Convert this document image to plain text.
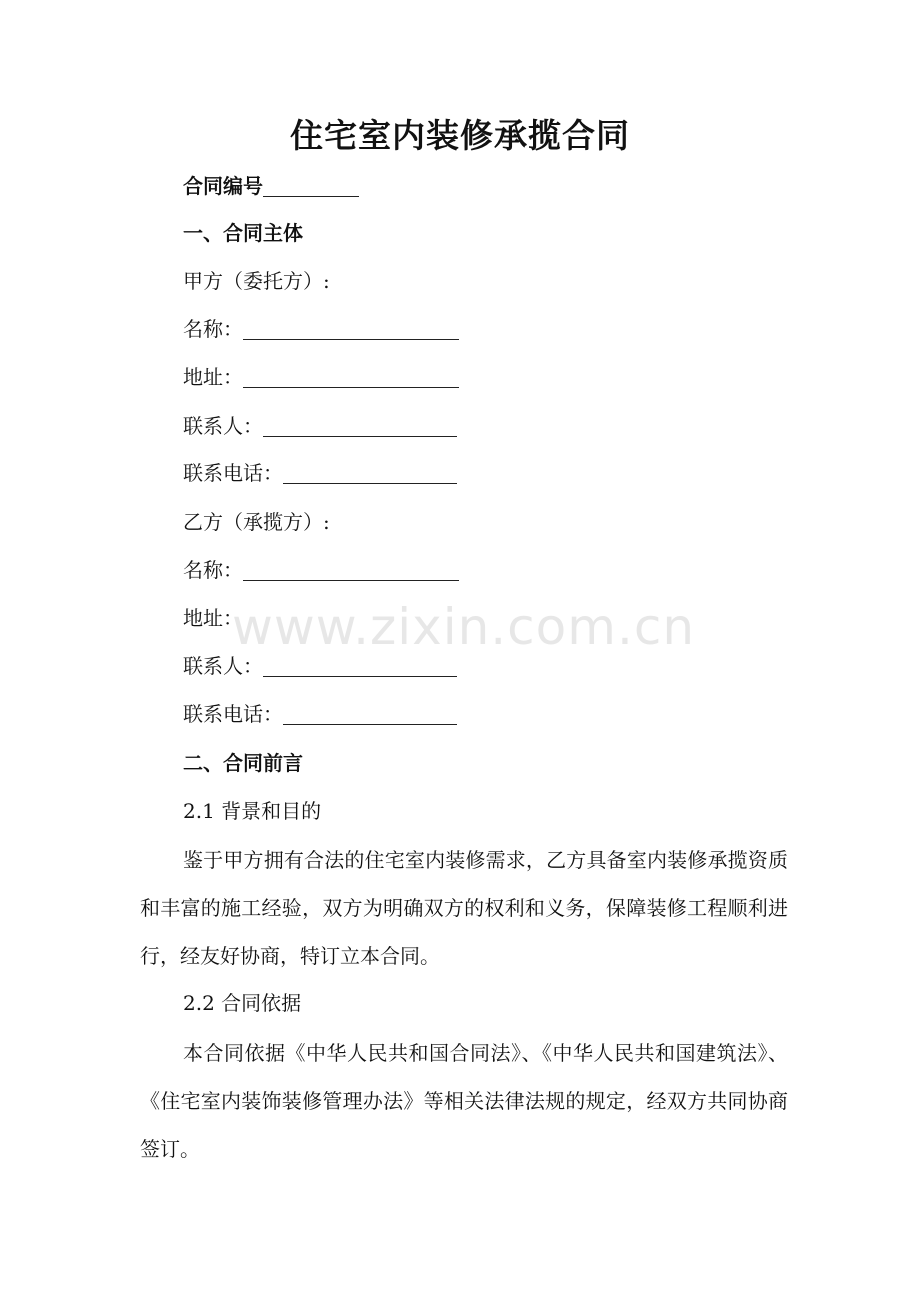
住宅室内装修承揽合同
合同编号
一、合同主体
甲方（委托方）:
名称：
地址：
联系人：
联系电话：
乙方（承揽方）:
名称：
地址：
联系人：
联系电话：
二、合同前言
2.1 背景和目的

鉴于甲方拥有合法的住宅室内装修需求，乙方具备室内装修承揽资质和丰富的施工经验，双方为明确双方的权利和义务，保障装修工程顺利进行，经友好协商，特订立本合同。

2.2 合同依据

本合同依据《中华人民共和国合同法》、《中华人民共和国建筑法》、《住宅室内装饰装修管理办法》等相关法律法规的规定，经双方共同协商签订。

www.zixin.com.cn
